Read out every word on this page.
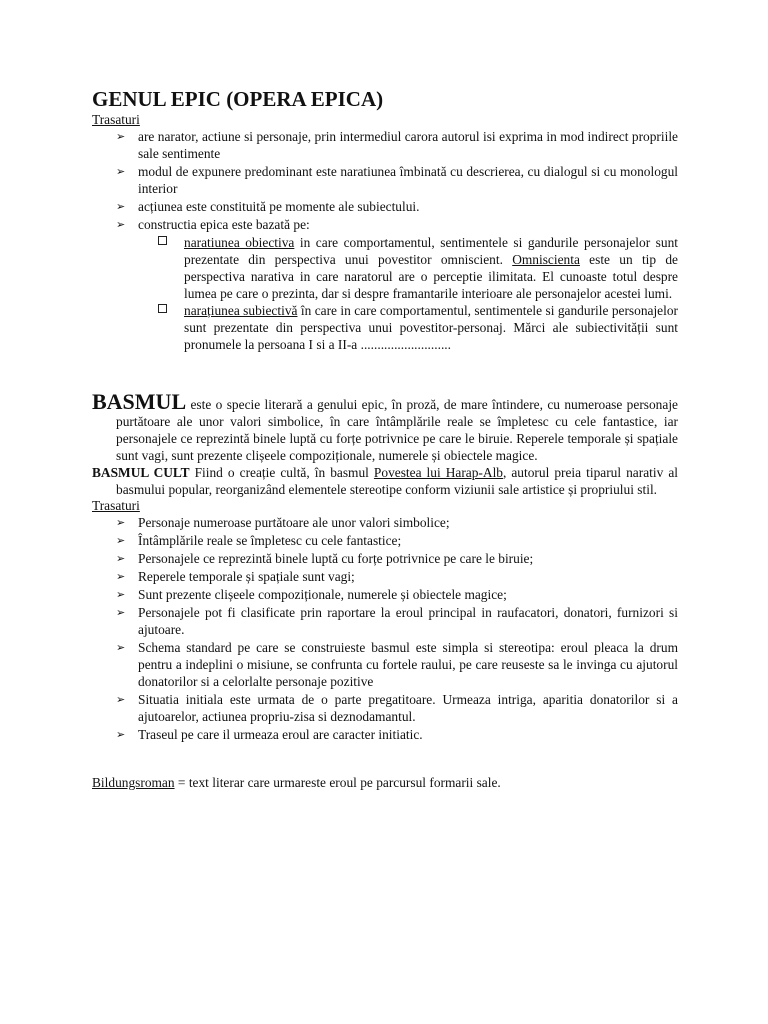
GENUL EPIC (OPERA EPICA)
Trasaturi
➢ are narator, actiune si personaje, prin intermediul carora autorul isi exprima in mod indirect propriile sale sentimente
➢ modul de expunere predominant este naratiunea îmbinată cu descrierea, cu dialogul si cu monologul interior
➢ acțiunea este constituită pe momente ale subiectului.
➢ constructia epica este bazată pe:
naratiunea obiectiva in care comportamentul, sentimentele si gandurile personajelor sunt prezentate din perspectiva unui povestitor omniscient. Omniscienta este un tip de perspectiva narativa in care naratorul are o perceptie ilimitata. El cunoaste totul despre lumea pe care o prezinta, dar si despre framantarile interioare ale personajelor acestei lumi.
narațiunea subiectivă în care in care comportamentul, sentimentele si gandurile personajelor sunt prezentate din perspectiva unui povestitor-personaj. Mărci ale subiectivității sunt pronumele la persoana I si a II-a ...........................

BASMUL este o specie literară a genului epic, în proză, de mare întindere, cu numeroase personaje purtătoare ale unor valori simbolice, în care întâmplările reale se împletesc cu cele fantastice, iar personajele ce reprezintă binele luptă cu forțe potrivnice pe care le biruie. Reperele temporale și spațiale sunt vagi, sunt prezente clișeele compoziționale, numerele și obiectele magice.

BASMUL CULT Fiind o creație cultă, în basmul Povestea lui Harap-Alb, autorul preia tiparul narativ al basmului popular, reorganizând elementele stereotipe conform viziunii sale artistice și propriului stil.

Trasaturi
➢ Personaje numeroase purtătoare ale unor valori simbolice;
➢ Întâmplările reale se împletesc cu cele fantastice;
➢ Personajele ce reprezintă binele luptă cu forțe potrivnice pe care le biruie;
➢ Reperele temporale și spațiale sunt vagi;
➢ Sunt prezente clișeele compoziționale, numerele și obiectele magice;
➢ Personajele pot fi clasificate prin raportare la eroul principal in raufacatori, donatori, furnizori si ajutoare.
➢ Schema standard pe care se construieste basmul este simpla si stereotipa: eroul pleaca la drum pentru a indeplini o misiune, se confrunta cu fortele raului, pe care reuseste sa le invinga cu ajutorul donatorilor si a celorlalte personaje pozitive
➢ Situatia initiala este urmata de o parte pregatitoare. Urmeaza intriga, aparitia donatorilor si a ajutoarelor, actiunea propriu-zisa si deznodamantul.
➢ Traseul pe care il urmeaza eroul are caracter initiatic.

Bildungsroman = text literar care urmareste eroul pe parcursul formarii sale.
